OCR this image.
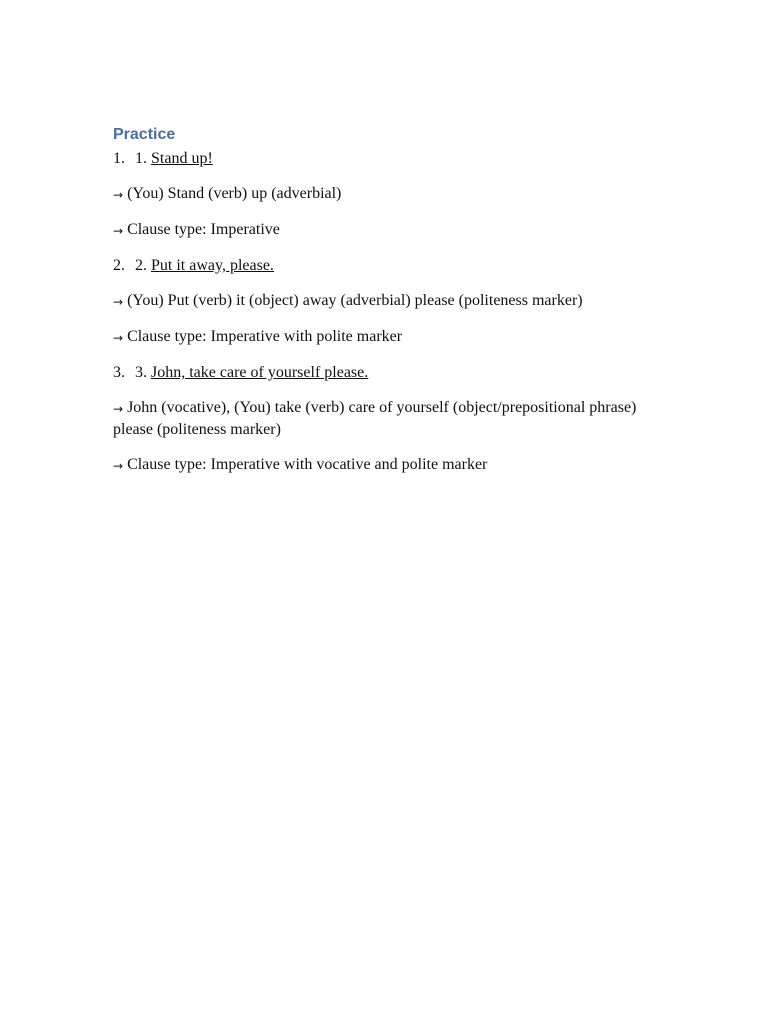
Practice

1. 1. Stand up!

→ (You) Stand (verb) up (adverbial)

→ Clause type: Imperative

2. 2. Put it away, please.

→ (You) Put (verb) it (object) away (adverbial) please (politeness marker)

→ Clause type: Imperative with polite marker

3. 3. John, take care of yourself please.

→ John (vocative), (You) take (verb) care of yourself (object/prepositional phrase) please (politeness marker)

→ Clause type: Imperative with vocative and polite marker
